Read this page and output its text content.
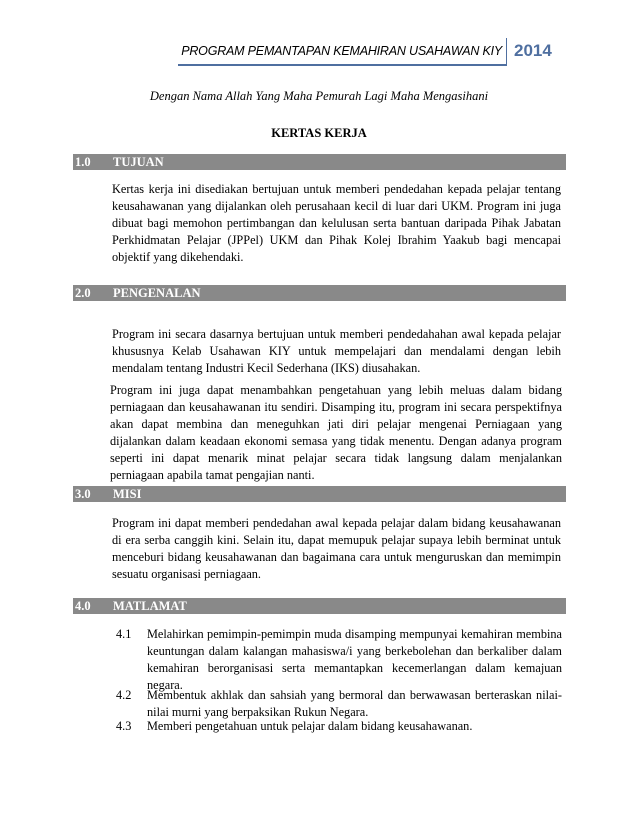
PROGRAM PEMANTAPAN KEMAHIRAN USAHAWAN KIY 2014
Dengan Nama Allah Yang Maha Pemurah Lagi Maha Mengasihani
KERTAS KERJA
1.0 TUJUAN
Kertas kerja ini disediakan bertujuan untuk memberi pendedahan kepada pelajar tentang keusahawanan yang dijalankan oleh perusahaan kecil di luar dari UKM. Program ini juga dibuat bagi memohon pertimbangan dan kelulusan serta bantuan daripada Pihak Jabatan Perkhidmatan Pelajar (JPPel) UKM dan Pihak Kolej Ibrahim Yaakub bagi mencapai objektif yang dikehendaki.
2.0 PENGENALAN
Program ini secara dasarnya bertujuan untuk memberi pendedahahan awal kepada pelajar khususnya Kelab Usahawan KIY untuk mempelajari dan mendalami dengan lebih mendalam tentang Industri Kecil Sederhana (IKS) diusahakan.
Program ini juga dapat menambahkan pengetahuan yang lebih meluas dalam bidang perniagaan dan keusahawanan itu sendiri. Disamping itu, program ini secara perspektifnya akan dapat membina dan meneguhkan jati diri pelajar mengenai Perniagaan yang dijalankan dalam keadaan ekonomi semasa yang tidak menentu. Dengan adanya program seperti ini dapat menarik minat pelajar secara tidak langsung dalam menjalankan perniagaan apabila tamat pengajian nanti.
3.0 MISI
Program ini dapat memberi pendedahan awal kepada pelajar dalam bidang keusahawanan di era serba canggih kini. Selain itu, dapat memupuk pelajar supaya lebih berminat untuk menceburi bidang keusahawanan dan bagaimana cara untuk menguruskan dan memimpin sesuatu organisasi perniagaan.
4.0 MATLAMAT
4.1 Melahirkan pemimpin-pemimpin muda disamping mempunyai kemahiran membina keuntungan dalam kalangan mahasiswa/i yang berkebolehan dan berkaliber dalam kemahiran berorganisasi serta memantapkan kecemerlangan dalam kemajuan negara.
4.2 Membentuk akhlak dan sahsiah yang bermoral dan berwawasan berteraskan nilai-nilai murni yang berpaksikan Rukun Negara.
4.3 Memberi pengetahuan untuk pelajar dalam bidang keusahawanan.
